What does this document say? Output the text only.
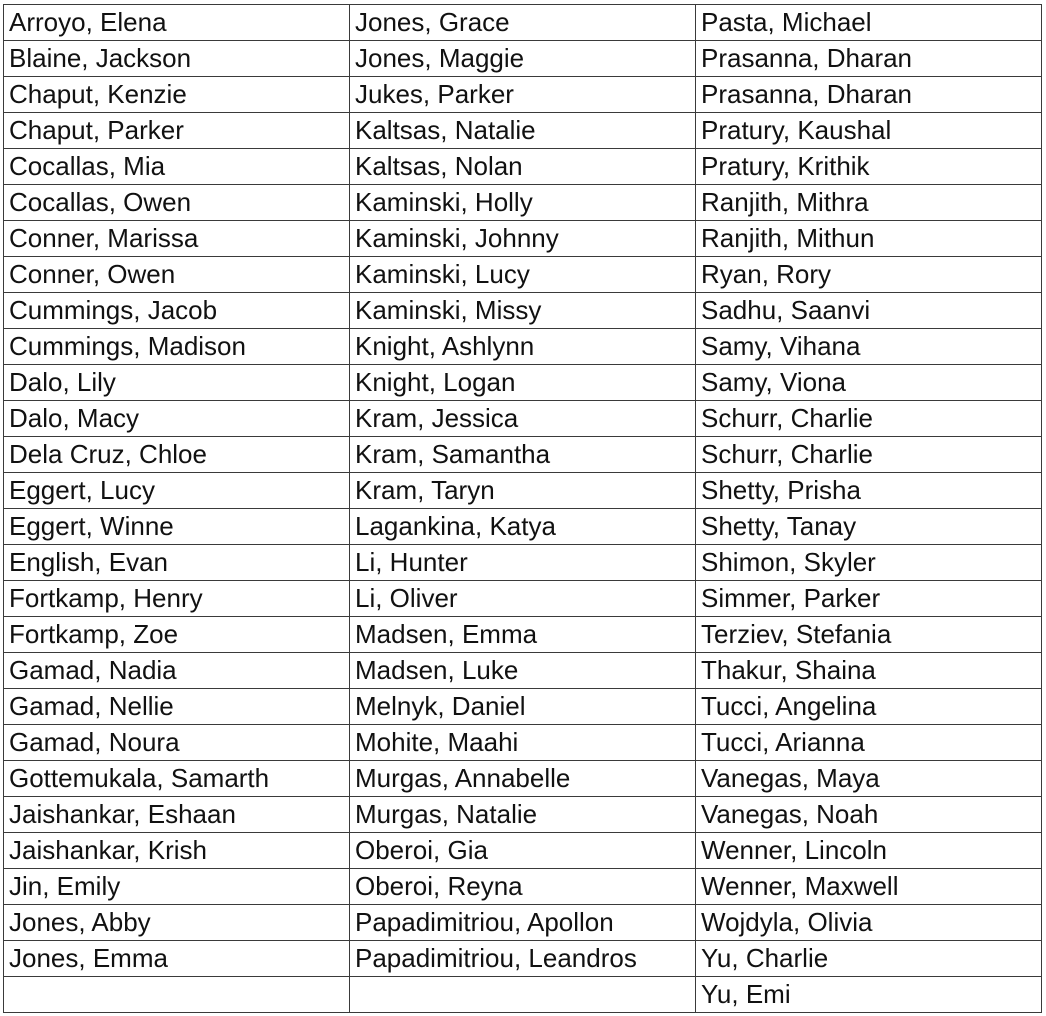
Arroyo, Elena	Jones, Grace	Pasta, Michael
Blaine, Jackson	Jones, Maggie	Prasanna, Dharan
Chaput, Kenzie	Jukes, Parker	Prasanna, Dharan
Chaput, Parker	Kaltsas, Natalie	Pratury, Kaushal
Cocallas, Mia	Kaltsas, Nolan	Pratury, Krithik
Cocallas, Owen	Kaminski, Holly	Ranjith, Mithra
Conner, Marissa	Kaminski, Johnny	Ranjith, Mithun
Conner, Owen	Kaminski, Lucy	Ryan, Rory
Cummings, Jacob	Kaminski, Missy	Sadhu, Saanvi
Cummings, Madison	Knight, Ashlynn	Samy, Vihana
Dalo, Lily	Knight, Logan	Samy, Viona
Dalo, Macy	Kram, Jessica	Schurr, Charlie
Dela Cruz, Chloe	Kram, Samantha	Schurr, Charlie
Eggert, Lucy	Kram, Taryn	Shetty, Prisha
Eggert, Winne	Lagankina, Katya	Shetty, Tanay
English, Evan	Li, Hunter	Shimon, Skyler
Fortkamp, Henry	Li, Oliver	Simmer, Parker
Fortkamp, Zoe	Madsen, Emma	Terziev, Stefania
Gamad, Nadia	Madsen, Luke	Thakur, Shaina
Gamad, Nellie	Melnyk, Daniel	Tucci, Angelina
Gamad, Noura	Mohite, Maahi	Tucci, Arianna
Gottemukala, Samarth	Murgas, Annabelle	Vanegas, Maya
Jaishankar, Eshaan	Murgas, Natalie	Vanegas, Noah
Jaishankar, Krish	Oberoi, Gia	Wenner, Lincoln
Jin, Emily	Oberoi, Reyna	Wenner, Maxwell
Jones, Abby	Papadimitriou, Apollon	Wojdyla, Olivia
Jones, Emma	Papadimitriou, Leandros	Yu, Charlie
		Yu, Emi
